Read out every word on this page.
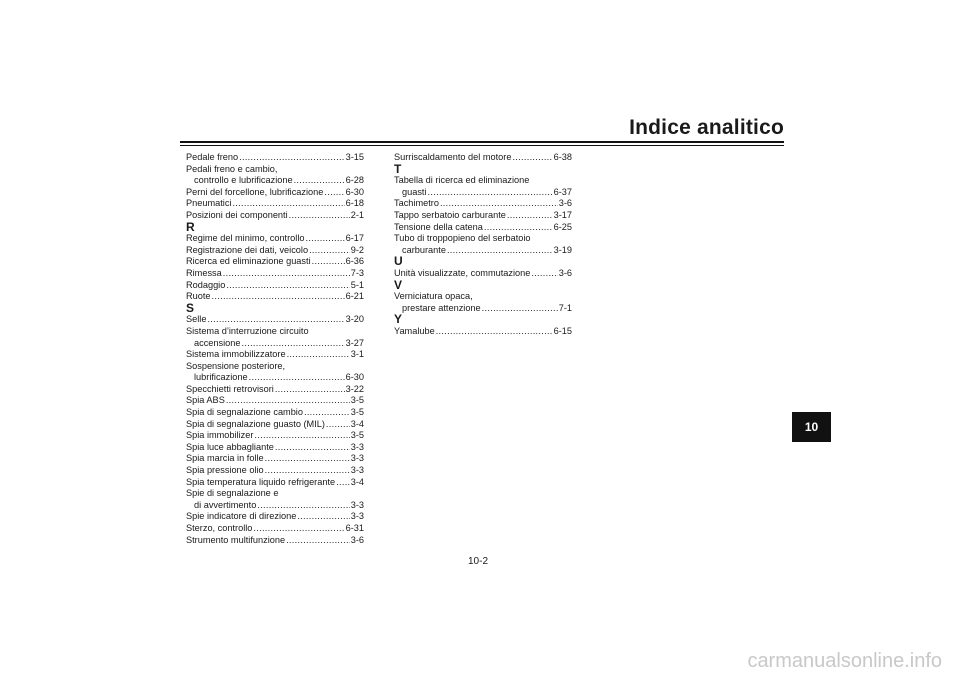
Indice analitico
Pedale freno .....	3-15
Pedali freno e cambio,
controllo e lubrificazione .....	6-28
Perni del forcellone, lubrificazione ..... 6-30
Pneumatici .....	6-18
Posizioni dei componenti .....	2-1
R
Regime del minimo, controllo .....	6-17
Registrazione dei dati, veicolo .....	9-2
Ricerca ed eliminazione guasti .....	6-36
Rimessa .....	7-3
Rodaggio .....	5-1
Ruote .....	6-21
S
Selle .....	3-20
Sistema d’interruzione circuito
accensione .....	3-27
Sistema immobilizzatore .....	3-1
Sospensione posteriore,
lubrificazione .....	6-30
Specchietti retrovisori .....	3-22
Spia ABS .....	3-5
Spia di segnalazione cambio .....	3-5
Spia di segnalazione guasto (MIL) .....	3-4
Spia immobilizer .....	3-5
Spia luce abbagliante .....	3-3
Spia marcia in folle .....	3-3
Spia pressione olio .....	3-3
Spia temperatura liquido refrigerante ..... 3-4
Spie di segnalazione e
di avvertimento .....	3-3
Spie indicatore di direzione .....	3-3
Sterzo, controllo .....	6-31
Strumento multifunzione .....	3-6
Surriscaldamento del motore .....	6-38
T
Tabella di ricerca ed eliminazione
guasti .....	6-37
Tachimetro .....	3-6
Tappo serbatoio carburante .....	3-17
Tensione della catena .....	6-25
Tubo di troppopieno del serbatoio
carburante .....	3-19
U
Unità visualizzate, commutazione .....	3-6
V
Verniciatura opaca,
prestare attenzione .....	7-1
Y
Yamalube .....	6-15
10
10-2
carmanualsonline.info
